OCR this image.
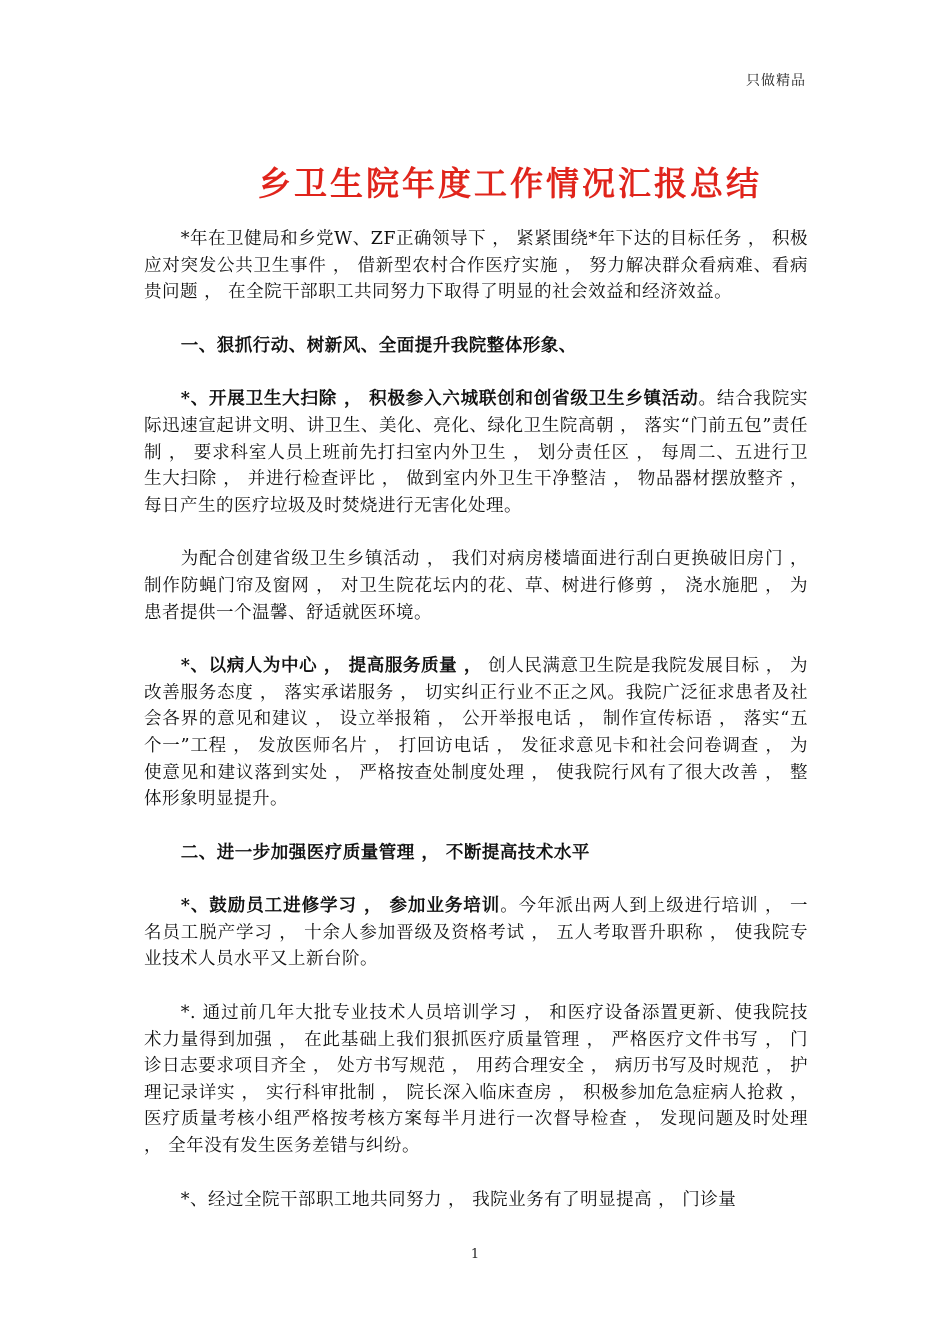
只做精品
乡卫生院年度工作情况汇报总结

*年在卫健局和乡党W、ZF正确领导下 ， 紧紧围绕*年下达的目标任务 ， 积极应对突发公共卫生事件 ， 借新型农村合作医疗实施 ， 努力解决群众看病难、看病贵问题 ， 在全院干部职工共同努力下取得了明显的社会效益和经济效益。

一、狠抓行动、树新风、全面提升我院整体形象、

*、开展卫生大扫除 ， 积极参入六城联创和创省级卫生乡镇活动。结合我院实际迅速宣起讲文明、讲卫生、美化、亮化、绿化卫生院高朝 ， 落实“门前五包”责任制 ， 要求科室人员上班前先打扫室内外卫生 ， 划分责任区 ， 每周二、五进行卫生大扫除 ， 并进行检查评比 ， 做到室内外卫生干净整洁 ， 物品器材摆放整齐 ， 每日产生的医疗垃圾及时焚烧进行无害化处理。

为配合创建省级卫生乡镇活动 ， 我们对病房楼墙面进行刮白更换破旧房门 ， 制作防蝇门帘及窗网 ， 对卫生院花坛内的花、草、树进行修剪 ， 浇水施肥 ， 为患者提供一个温馨、舒适就医环境。

*、以病人为中心 ， 提高服务质量 ， 创人民满意卫生院是我院发展目标 ， 为改善服务态度 ， 落实承诺服务 ， 切实纠正行业不正之风。我院广泛征求患者及社会各界的意见和建议 ， 设立举报箱 ， 公开举报电话 ， 制作宣传标语 ， 落实“五个一”工程 ， 发放医师名片 ， 打回访电话 ， 发征求意见卡和社会问卷调查 ， 为使意见和建议落到实处 ， 严格按查处制度处理 ， 使我院行风有了很大改善 ， 整体形象明显提升。

二、进一步加强医疗质量管理 ， 不断提高技术水平

*、鼓励员工进修学习 ， 参加业务培训。今年派出两人到上级进行培训 ， 一名员工脱产学习 ， 十余人参加晋级及资格考试 ， 五人考取晋升职称 ， 使我院专业技术人员水平又上新台阶。

*. 通过前几年大批专业技术人员培训学习 ， 和医疗设备添置更新、使我院技术力量得到加强 ， 在此基础上我们狠抓医疗质量管理 ， 严格医疗文件书写 ， 门诊日志要求项目齐全 ， 处方书写规范 ， 用药合理安全 ， 病历书写及时规范 ， 护理记录详实 ， 实行科审批制 ， 院长深入临床查房 ， 积极参加危急症病人抢救 ， 医疗质量考核小组严格按考核方案每半月进行一次督导检查 ， 发现问题及时处理 ， 全年没有发生医务差错与纠纷。

*、经过全院干部职工地共同努力 ， 我院业务有了明显提高 ， 门诊量

1
